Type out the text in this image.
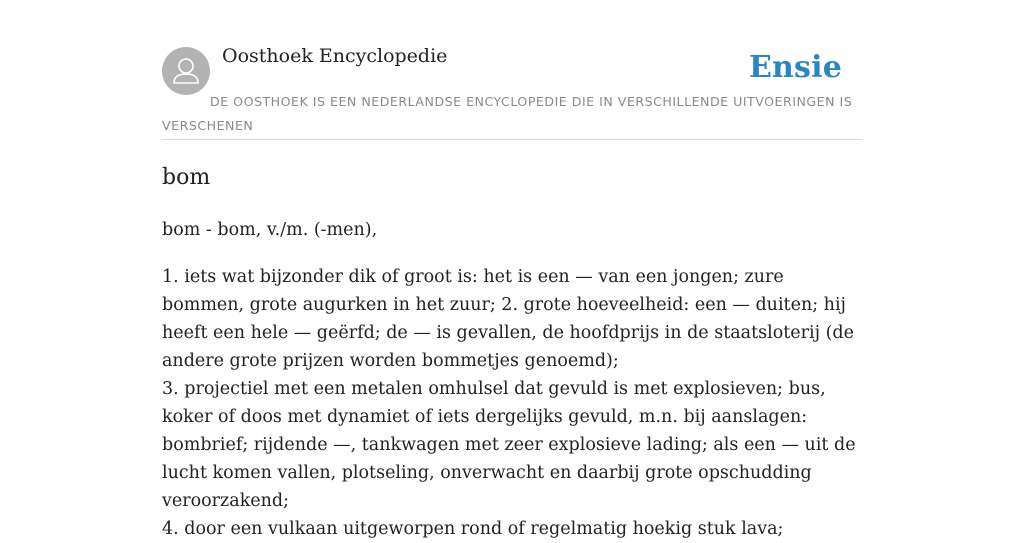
Oosthoek Encyclopedie	Ensie
DE OOSTHOEK IS EEN NEDERLANDSE ENCYCLOPEDIE DIE IN VERSCHILLENDE UITVOERINGEN IS VERSCHENEN
bom

bom - bom, v./m. (-men),

1. iets wat bijzonder dik of groot is: het is een — van een jongen; zure bommen, grote augurken in het zuur; 2. grote hoeveelheid: een — duiten; hij heeft een hele — geërfd; de — is gevallen, de hoofdprijs in de staatsloterij (de andere grote prijzen worden bommetjes genoemd);
3. projectiel met een metalen omhulsel dat gevuld is met explosieven; bus, koker of doos met dynamiet of iets dergelijks gevuld, m.n. bij aanslagen: bombrief; rijdende —, tankwagen met zeer explosieve lading; als een — uit de lucht komen vallen, plotseling, onverwacht en daarbij grote opschudding veroorzakend;
4. door een vulkaan uitgeworpen rond of regelmatig hoekig stuk lava;
